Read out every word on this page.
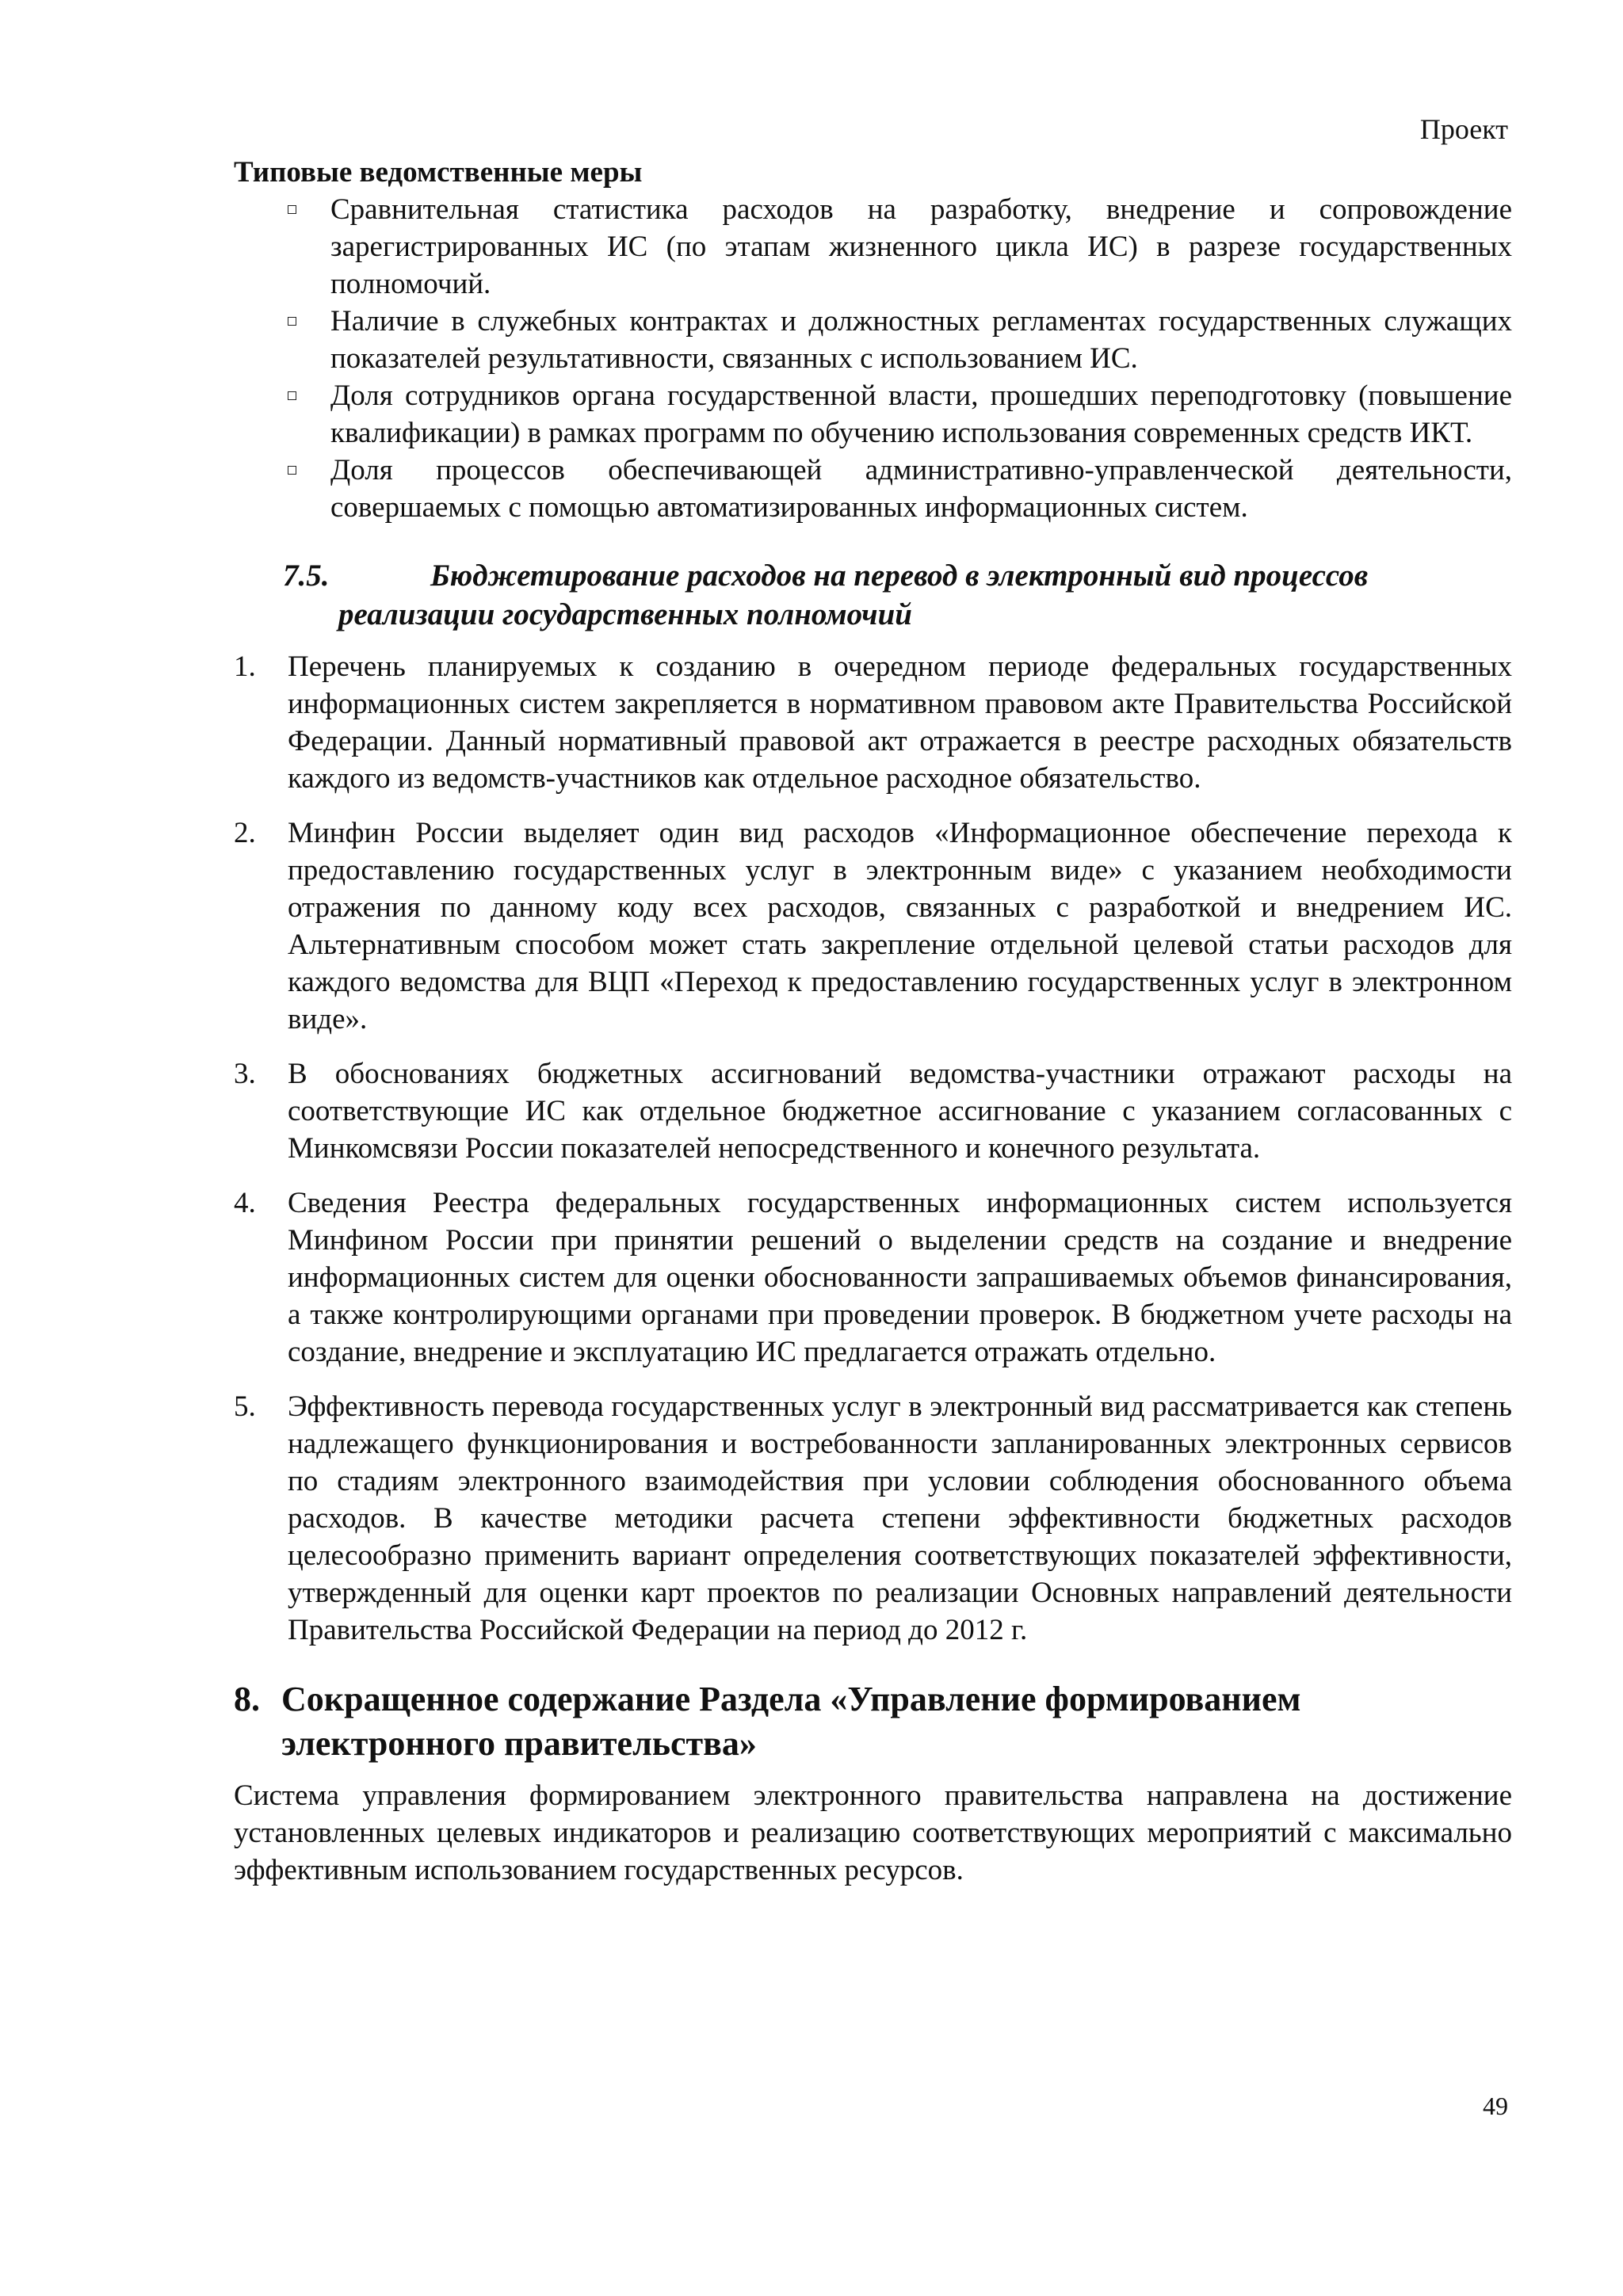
Проект
Типовые ведомственные меры
Сравнительная статистика расходов на разработку, внедрение и сопровождение зарегистрированных ИС (по этапам жизненного цикла ИС) в разрезе государственных полномочий.
Наличие в служебных контрактах и должностных регламентах государственных служащих показателей результативности, связанных с использованием ИС.
Доля сотрудников органа государственной власти, прошедших переподготовку (повышение квалификации) в рамках программ по обучению использования современных средств ИКТ.
Доля процессов обеспечивающей административно-управленческой деятельности, совершаемых с помощью автоматизированных информационных систем.
7.5.	Бюджетирование расходов на перевод в электронный вид процессов
реализации государственных полномочий
1. Перечень планируемых к созданию в очередном периоде федеральных государственных информационных систем закрепляется в нормативном правовом акте Правительства Российской Федерации. Данный нормативный правовой акт отражается в реестре расходных обязательств каждого из ведомств-участников как отдельное расходное обязательство.
2. Минфин России выделяет один вид расходов «Информационное обеспечение перехода к предоставлению государственных услуг в электронным виде» с указанием необходимости отражения по данному коду всех расходов, связанных с разработкой и внедрением ИС. Альтернативным способом может стать закрепление отдельной целевой статьи расходов для каждого ведомства для ВЦП «Переход к предоставлению государственных услуг в электронном виде».
3. В обоснованиях бюджетных ассигнований ведомства-участники отражают расходы на соответствующие ИС как отдельное бюджетное ассигнование с указанием согласованных с Минкомсвязи России показателей непосредственного и конечного результата.
4. Сведения Реестра федеральных государственных информационных систем используется Минфином России при принятии решений о выделении средств на создание и внедрение информационных систем для оценки обоснованности запрашиваемых объемов финансирования, а также контролирующими органами при проведении проверок. В бюджетном учете расходы на создание, внедрение и эксплуатацию ИС предлагается отражать отдельно.
5. Эффективность перевода государственных услуг в электронный вид рассматривается как степень надлежащего функционирования и востребованности запланированных электронных сервисов по стадиям электронного взаимодействия при условии соблюдения обоснованного объема расходов. В качестве методики расчета степени эффективности бюджетных расходов целесообразно применить вариант определения соответствующих показателей эффективности, утвержденный для оценки карт проектов по реализации Основных направлений деятельности Правительства Российской Федерации на период до 2012 г.
8. Сокращенное содержание Раздела «Управление формированием
электронного правительства»

Система управления формированием электронного правительства направлена на достижение установленных целевых индикаторов и реализацию соответствующих мероприятий с максимально эффективным использованием государственных ресурсов.

49
